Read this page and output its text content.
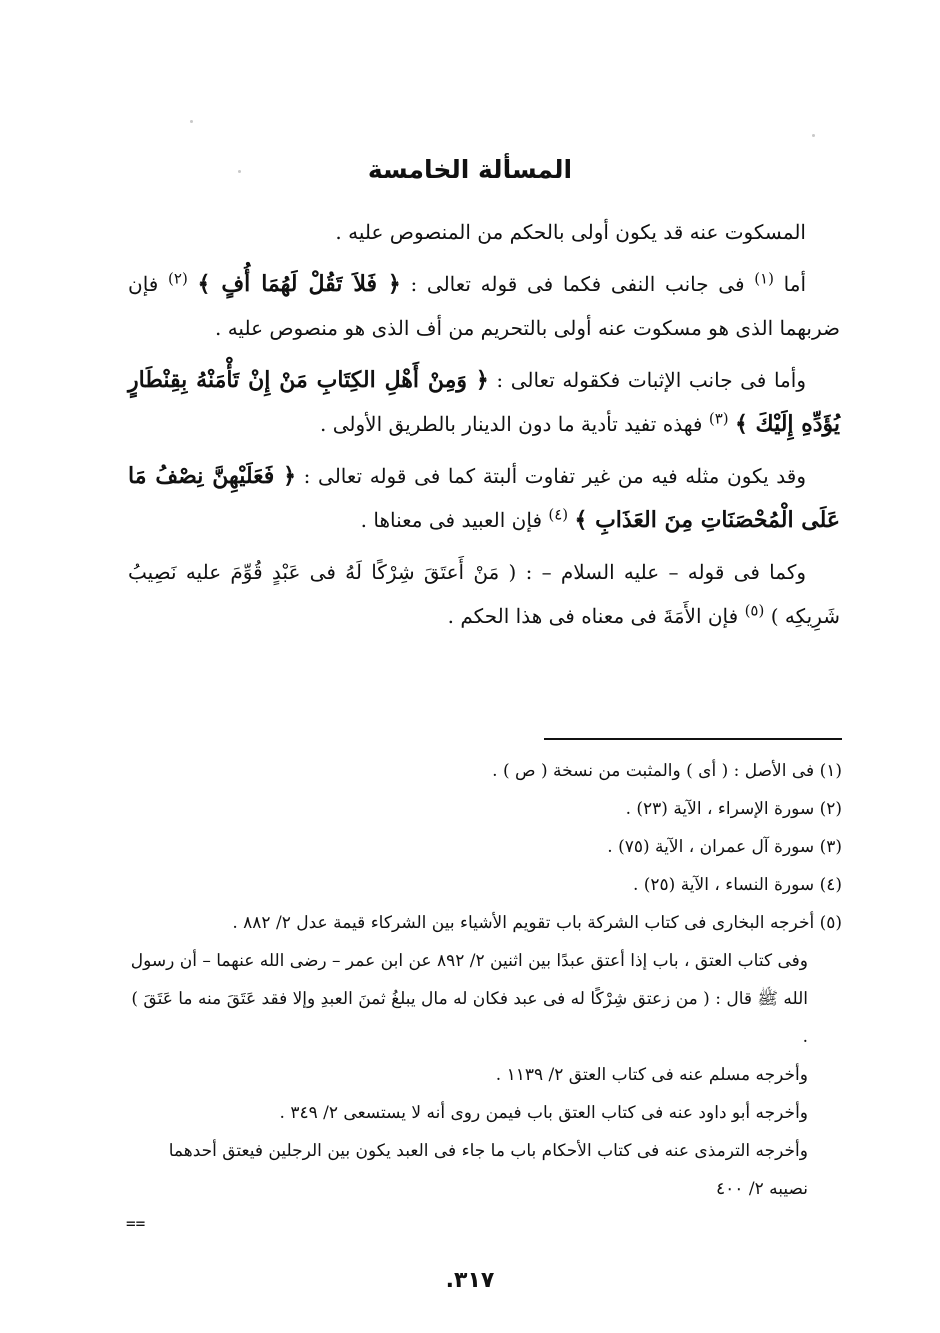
المسألة الخامسة

المسكوت عنه قد يكون أولى بالحكم من المنصوص عليه .

أما $^{(١)}$ فى جانب النفى فكما فى قوله تعالى : ﴿ فَلاَ تَقُلْ لَهُمَا أُفٍ ﴾ $^{(٢)}$ فإن ضربهما الذى هو مسكوت عنه أولى بالتحريم من أف الذى هو منصوص عليه .

وأما فى جانب الإثبات فكقوله تعالى : ﴿ وَمِنْ أَهْلِ الكِتَابِ مَنْ إِنْ تَأْمَنْهُ بِقِنْطَارٍ يُؤَدِّهِ إِلَيْكَ ﴾ $^{(٣)}$ فهذه تفيد تأدية ما دون الدينار بالطريق الأولى .

وقد يكون مثله فيه من غير تفاوت ألبتة كما فى قوله تعالى : ﴿ فَعَلَيْهِنَّ نِصْفُ مَا عَلَى الْمُحْصَنَاتِ مِنَ العَذَابِ ﴾ $^{(٤)}$ فإن العبيد فى معناها .

وكما فى قوله – عليه السلام – : ( مَنْ أَعتَقَ شِرْكًا لَهُ فى عَبْدٍ قُوِّمَ عليه نَصِيبُ شَرِيكِه ) $^{(٥)}$ فإن الأَمَةَ فى معناه فى هذا الحكم .

(١) فى الأصل : ( أى ) والمثبت من نسخة ( ص ) .

(٢) سورة الإسراء ، الآية (٢٣) .

(٣) سورة آل عمران ، الآية (٧٥) .

(٤) سورة النساء ، الآية (٢٥) .

(٥) أخرجه البخارى فى كتاب الشركة باب تقويم الأشياء بين الشركاء قيمة عدل ٢/ ٨٨٢ .

وفى كتاب العتق ، باب إذا أعتق عبدًا بين اثنين ٢/ ٨٩٢ عن ابن عمر – رضى الله عنهما – أن رسول الله ﷺ قال : ( من زعتق شِرْكًا له فى عبد فكان له مال يبلغُ ثمنَ العبدِ وإلا فقد عَتَقَ منه ما عَتَقَ ) .

وأخرجه مسلم عنه فى كتاب العتق ٢/ ١١٣٩ .

وأخرجه أبو داود عنه فى كتاب العتق باب فيمن روى أنه لا يستسعى ٢/ ٣٤٩ .

وأخرجه الترمذى عنه فى كتاب الأحكام باب ما جاء فى العبد يكون بين الرجلين فيعتق أحدهما نصيبه ٢/ ٤٠٠

==
٣١٧.
